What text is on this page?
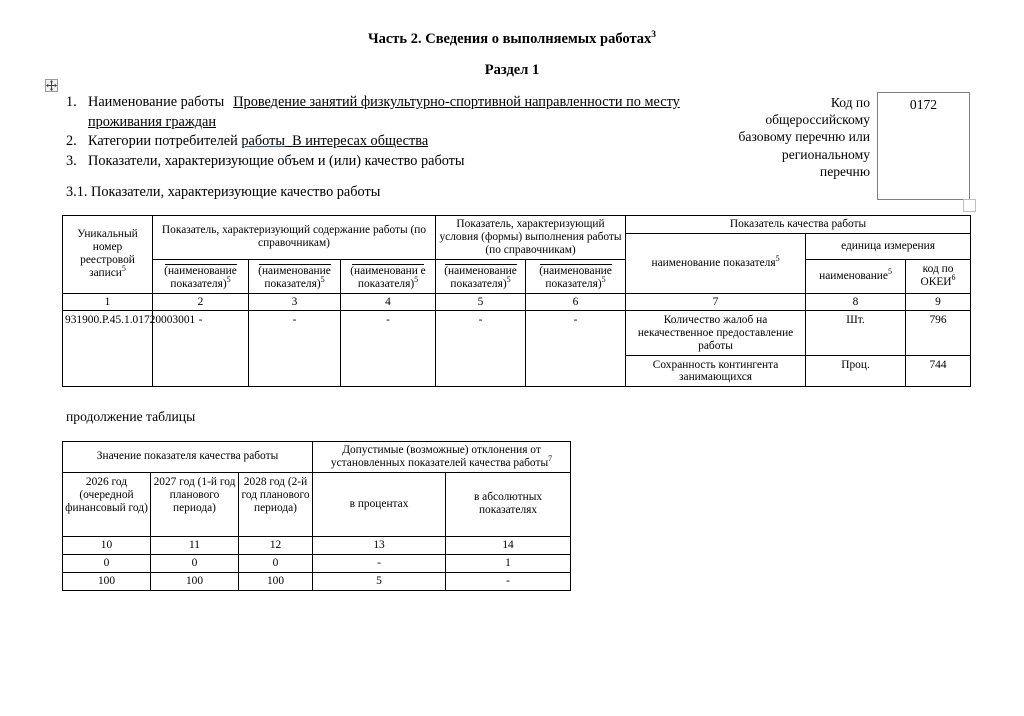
Часть 2. Сведения о выполняемых работах$^3$
Раздел 1
1. Наименование работы Проведение занятий физкультурно-спортивной направленности по месту проживания граждан
2. Категории потребителей работы В интересах общества
3. Показатели, характеризующие объем и (или) качество работы
3.1. Показатели, характеризующие качество работы
Код по
общероссийскому
базовому перечню или
региональному
перечню
0172
Уникальный номер реестровой записи$^5$	Показатель, характеризующий содержание работы (по справочникам)			Показатель, характеризующий условия (формы) выполнения работы (по справочникам)		Показатель качества работы		
						наименование показателя$^5$	единица измерения	

(наименование показателя)$^5$	(наименование показателя)$^5$	(наименовани е показателя)$^5$	(наименование показателя)$^5$	(наименование показателя)$^5$		наименование$^5$	код по ОКЕИ$^6$
1	2	3	4	5	6	7	8	9
931900.Р.45.1.01720003001	-	-	-	-	-	Количество жалоб на некачественное предоставление работы	Шт.	796
						Сохранность контингента занимающихся	Проц.	744
продолжение таблицы
Значение показателя качества работы			Допустимые (возможные) отклонения от установленных показателей качества работы$^7$
2026 год (очередной финансовый год)	2027 год (1-й год планового периода)	2028 год (2-й год планового периода)	в процентах	в абсолютных показателях
10	11	12	13	14
0	0	0	-	1
100	100	100	5	-
